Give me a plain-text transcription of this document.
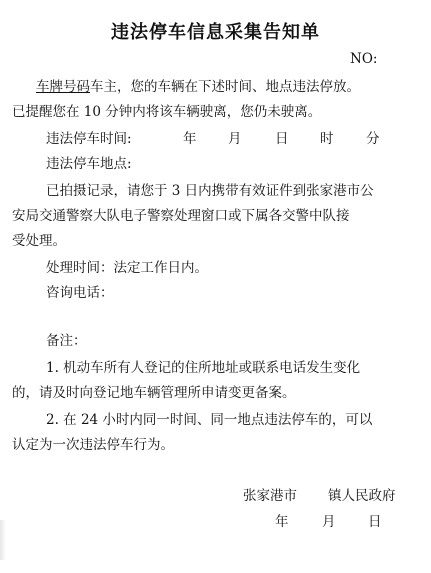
违法停车信息采集告知单
NO:
车牌号码车主，您的车辆在下述时间、地点违法停放。
已提醒您在 10 分钟内将该车辆驶离，您仍未驶离。
违法停车时间:	年 月 日 时 分
违法停车地点:
已拍摄记录，请您于 3 日内携带有效证件到张家港市公
安局交通警察大队电子警察处理窗口或下属各交警中队接
受处理。
处理时间：法定工作日内。
咨询电话：
备注：
1. 机动车所有人登记的住所地址或联系电话发生变化
的，请及时向登记地车辆管理所申请变更备案。
2. 在 24 小时内同一时间、同一地点违法停车的，可以
认定为一次违法停车行为。
张家港市 镇人民政府
年 月 日
